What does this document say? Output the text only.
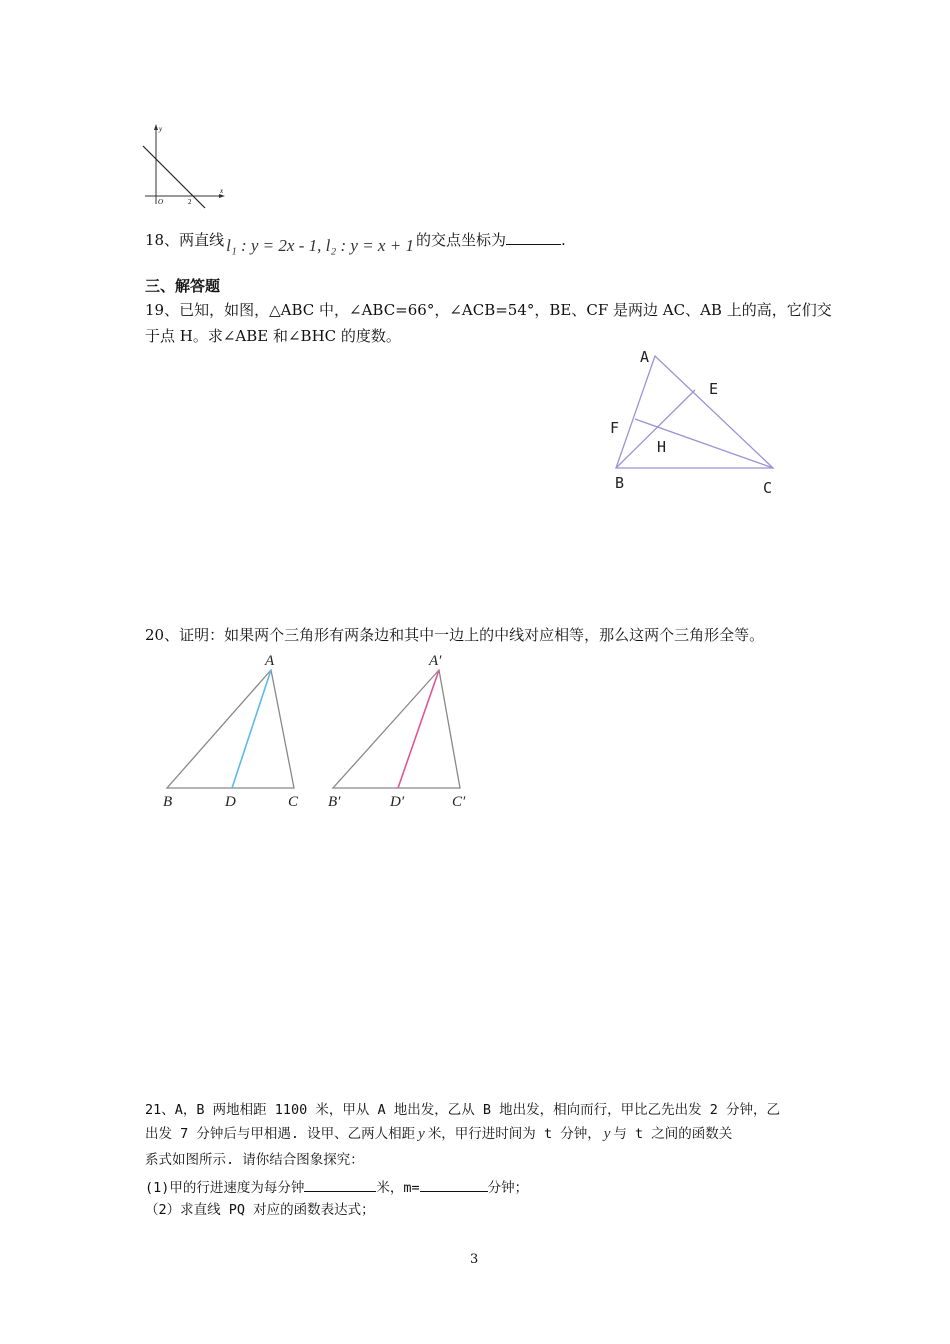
y
x
O	2
18、两直线 l₁ : y = 2x - 1, l₂ : y = x + 1 的交点坐标为	.
三、解答题
19、已知，如图，△ABC 中，∠ABC=66°，∠ACB=54°，BE、CF 是两边 AC、AB 上的高，它们交
于点 H。求∠ABE 和∠BHC 的度数。
A
E
F
H
B	C
20、证明：如果两个三角形有两条边和其中一边上的中线对应相等，那么这两个三角形全等。
A
B	D	C
A′
B′	D′	C′
21、A，B 两地相距 1100 米，甲从 A 地出发，乙从 B 地出发，相向而行，甲比乙先出发 2 分钟，乙
出发 7 分钟后与甲相遇. 设甲、乙两人相距 y 米，甲行进时间为 t 分钟， y 与 t 之间的函数关
系式如图所示. 请你结合图象探究：
(1)甲的行进速度为每分钟	米，m=	分钟；
（2）求直线 PQ 对应的函数表达式；
3
